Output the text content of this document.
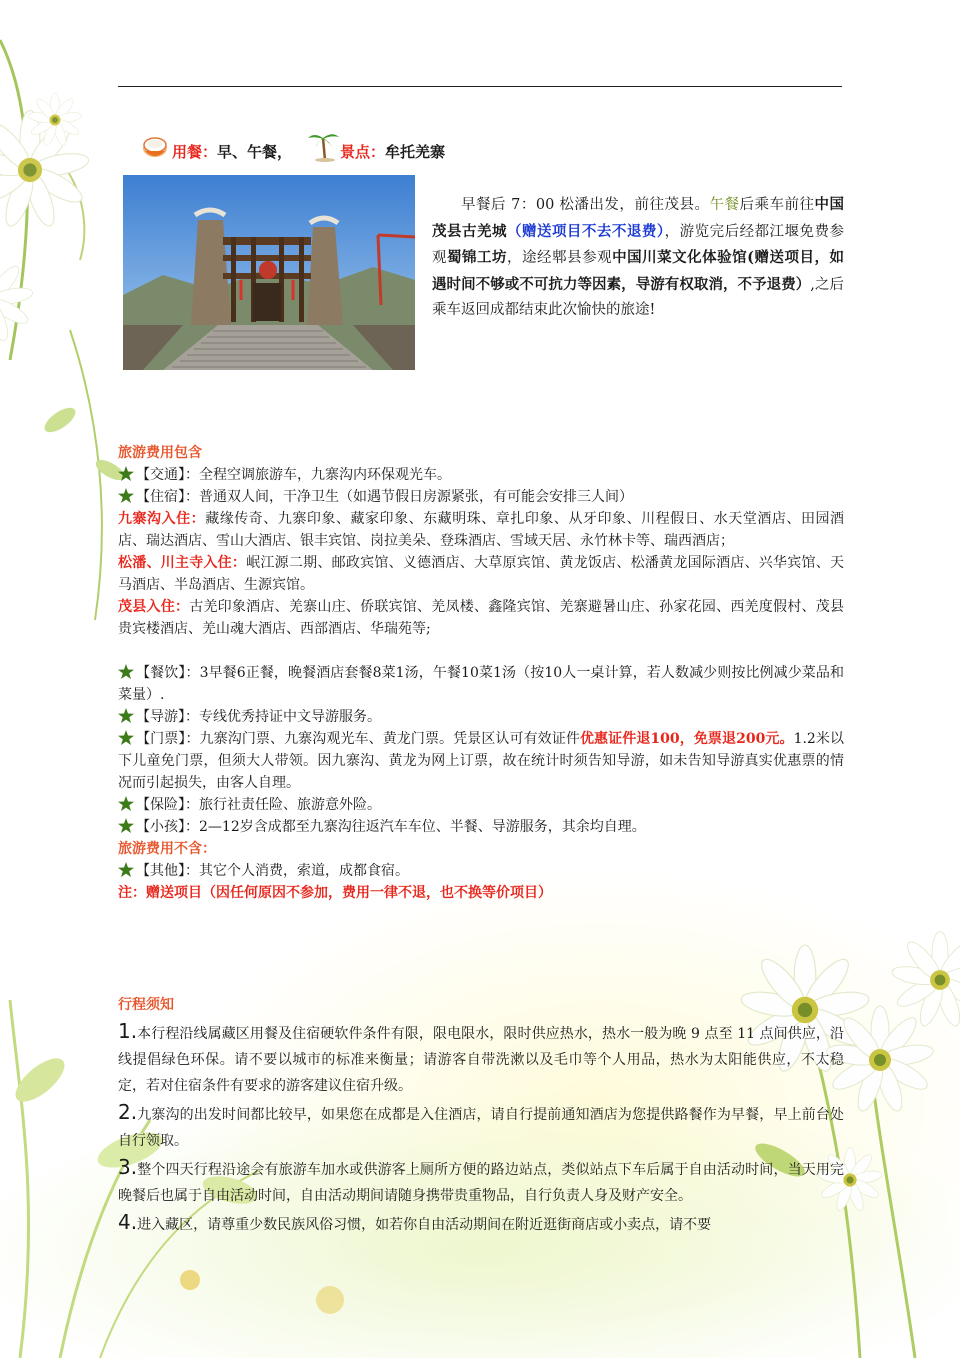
用餐： 早、午餐，	景点： 牟托羌寨
早餐后 7：00 松潘出发，前往茂县。午餐后乘车前往中国茂县古羌城（赠送项目不去不退费），游览完后经都江堰免费参观蜀锦工坊，途经郫县参观中国川菜文化体验馆(赠送项目，如遇时间不够或不可抗力等因素，导游有权取消，不予退费）,之后乘车返回成都结束此次愉快的旅途!

旅游费用包含

【交通】：全程空调旅游车，九寨沟内环保观光车。

【住宿】：普通双人间，干净卫生（如遇节假日房源紧张，有可能会安排三人间）

九寨沟入住：藏缘传奇、九寨印象、藏家印象、东藏明珠、章扎印象、从牙印象、川程假日、水天堂酒店、田园酒店、瑞达酒店、雪山大酒店、银丰宾馆、岗拉美朵、登珠酒店、雪域天居、永竹林卡等、瑞西酒店；

松潘、川主寺入住：岷江源二期、邮政宾馆、义德酒店、大草原宾馆、黄龙饭店、松潘黄龙国际酒店、兴华宾馆、天马酒店、半岛酒店、生源宾馆。

茂县入住：古羌印象酒店、羌寨山庄、侨联宾馆、羌凤楼、鑫隆宾馆、羌寨避暑山庄、孙家花园、西羌度假村、茂县贵宾楼酒店、羌山魂大酒店、西部酒店、华瑞苑等;

【餐饮】：3早餐6正餐，晚餐酒店套餐8菜1汤，午餐10菜1汤（按10人一桌计算，若人数减少则按比例减少菜品和菜量）.

【导游】：专线优秀持证中文导游服务。

【门票】：九寨沟门票、九寨沟观光车、黄龙门票。凭景区认可有效证件优惠证件退100，免票退200元。1.2米以下儿童免门票，但须大人带领。因九寨沟、黄龙为网上订票，故在统计时须告知导游，如未告知导游真实优惠票的情况而引起损失，由客人自理。

【保险】：旅行社责任险、旅游意外险。

【小孩】：2—12岁含成都至九寨沟往返汽车车位、半餐、导游服务，其余均自理。

旅游费用不含：

【其他】：其它个人消费，索道，成都食宿。

注：赠送项目（因任何原因不参加，费用一律不退，也不换等价项目）

行程须知

1.本行程沿线属藏区用餐及住宿硬软件条件有限，限电限水，限时供应热水，热水一般为晚 9 点至 11 点间供应，沿线提倡绿色环保。请不要以城市的标准来衡量；请游客自带洗漱以及毛巾等个人用品，热水为太阳能供应，不太稳定，若对住宿条件有要求的游客建议住宿升级。

2.九寨沟的出发时间都比较早，如果您在成都是入住酒店，请自行提前通知酒店为您提供路餐作为早餐，早上前台处自行领取。

3.整个四天行程沿途会有旅游车加水或供游客上厕所方便的路边站点，类似站点下车后属于自由活动时间，当天用完晚餐后也属于自由活动时间，自由活动期间请随身携带贵重物品，自行负责人身及财产安全。

4.进入藏区，请尊重少数民族风俗习惯，如若你自由活动期间在附近逛街商店或小卖点，请不要
